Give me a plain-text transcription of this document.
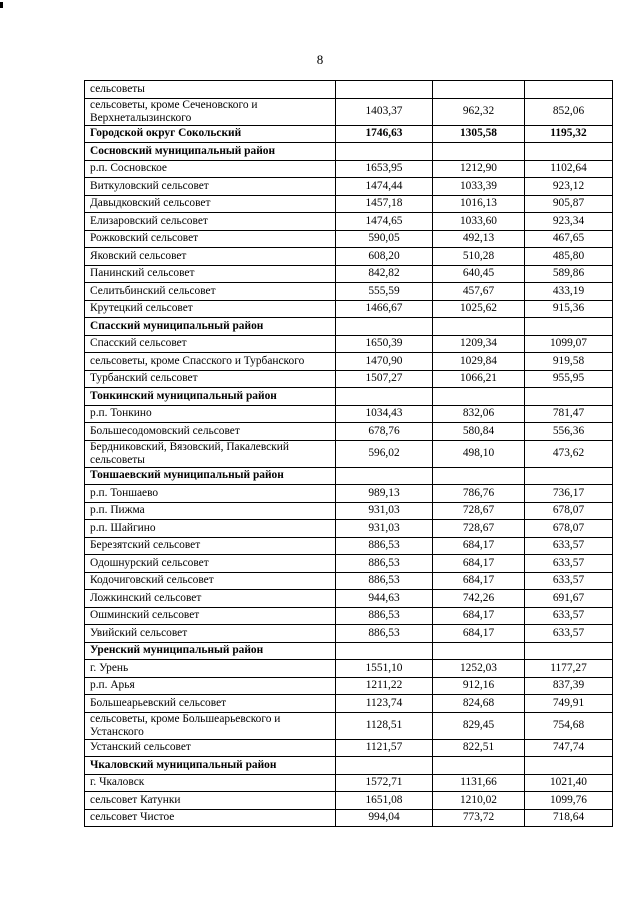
8
сельсоветы			
сельсоветы, кроме Сеченовского и Верхнеталызинского	1403,37	962,32	852,06
Городской округ Сокольский	1746,63	1305,58	1195,32
Сосновский муниципальный район			
р.п. Сосновское	1653,95	1212,90	1102,64
Виткуловский сельсовет	1474,44	1033,39	923,12
Давыдковский сельсовет	1457,18	1016,13	905,87
Елизаровский сельсовет	1474,65	1033,60	923,34
Рожковский сельсовет	590,05	492,13	467,65
Яковский сельсовет	608,20	510,28	485,80
Панинский сельсовет	842,82	640,45	589,86
Селитьбинский сельсовет	555,59	457,67	433,19
Крутецкий сельсовет	1466,67	1025,62	915,36
Спасский муниципальный район			
Спасский сельсовет	1650,39	1209,34	1099,07
сельсоветы, кроме Спасского и Турбанского	1470,90	1029,84	919,58
Турбанский сельсовет	1507,27	1066,21	955,95
Тонкинский муниципальный район			
р.п. Тонкино	1034,43	832,06	781,47
Большесодомовский сельсовет	678,76	580,84	556,36
Бердниковский, Вязовский, Пакалевский сельсоветы	596,02	498,10	473,62
Тоншаевский муниципальный район			
р.п. Тоншаево	989,13	786,76	736,17
р.п. Пижма	931,03	728,67	678,07
р.п. Шайгино	931,03	728,67	678,07
Березятский сельсовет	886,53	684,17	633,57
Одошнурский сельсовет	886,53	684,17	633,57
Кодочиговский сельсовет	886,53	684,17	633,57
Ложкинский сельсовет	944,63	742,26	691,67
Ошминский сельсовет	886,53	684,17	633,57
Увийский сельсовет	886,53	684,17	633,57
Уренский муниципальный район			
г. Урень	1551,10	1252,03	1177,27
р.п. Арья	1211,22	912,16	837,39
Большеарьевский сельсовет	1123,74	824,68	749,91
сельсоветы, кроме Большеарьевского и Устанского	1128,51	829,45	754,68
Устанский сельсовет	1121,57	822,51	747,74
Чкаловский муниципальный район			
г. Чкаловск	1572,71	1131,66	1021,40
сельсовет Катунки	1651,08	1210,02	1099,76
сельсовет Чистое	994,04	773,72	718,64
